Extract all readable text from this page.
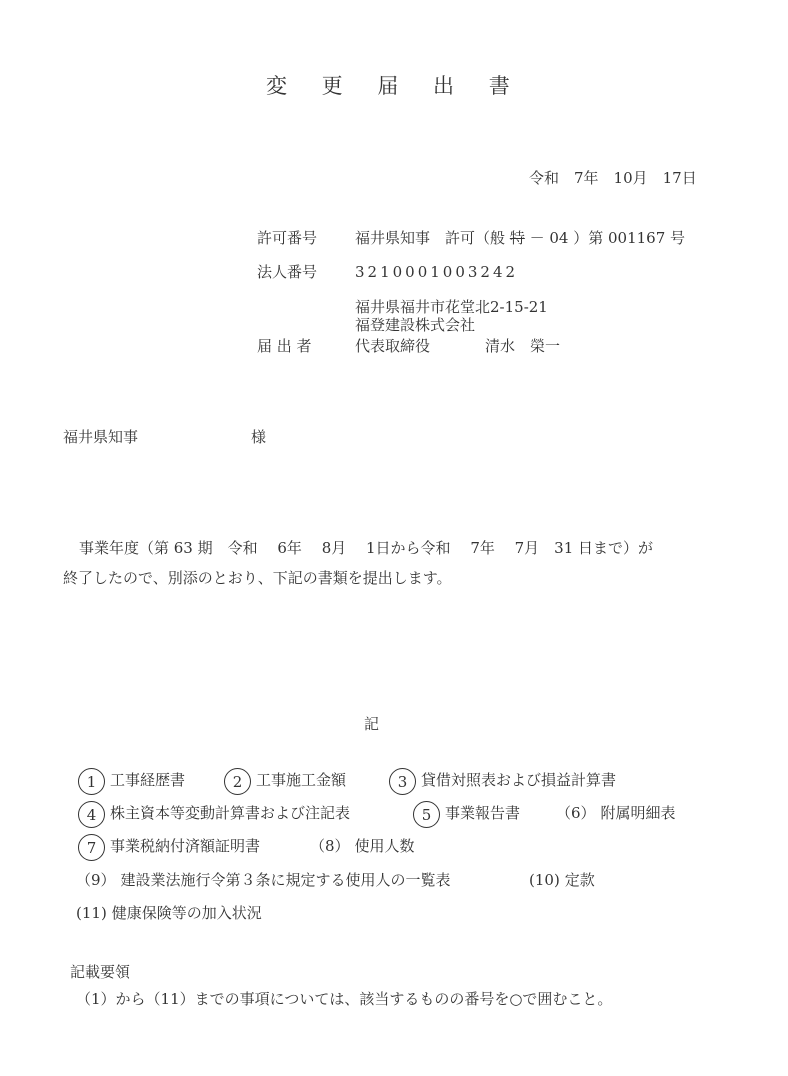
変 更 届 出 書
令和　7年　10月　17日
許可番号	福井県知事　許可（般 特 － 04 ）第 001167 号
法人番号	3210001003242
福井県福井市花堂北2-15-21
福登建設株式会社
届 出 者	代表取締役	清水　榮一
福井県知事	様
事業年度（第 63 期　令和　 6年　 8月　 1日から令和　 7年　 7月　31 日まで）が
終了したので、別添のとおり、下記の書類を提出します。
記
1 工事経歴書	2 工事施工金額	3 貸借対照表および損益計算書
4 株主資本等変動計算書および注記表	5 事業報告書 （6） 附属明細表
7 事業税納付済額証明書	（8） 使用人数
（9） 建設業法施行令第３条に規定する使用人の一覧表	(10) 定款
(11) 健康保険等の加入状況
記載要領
（1）から（11）までの事項については、該当するものの番号を○で囲むこと。
